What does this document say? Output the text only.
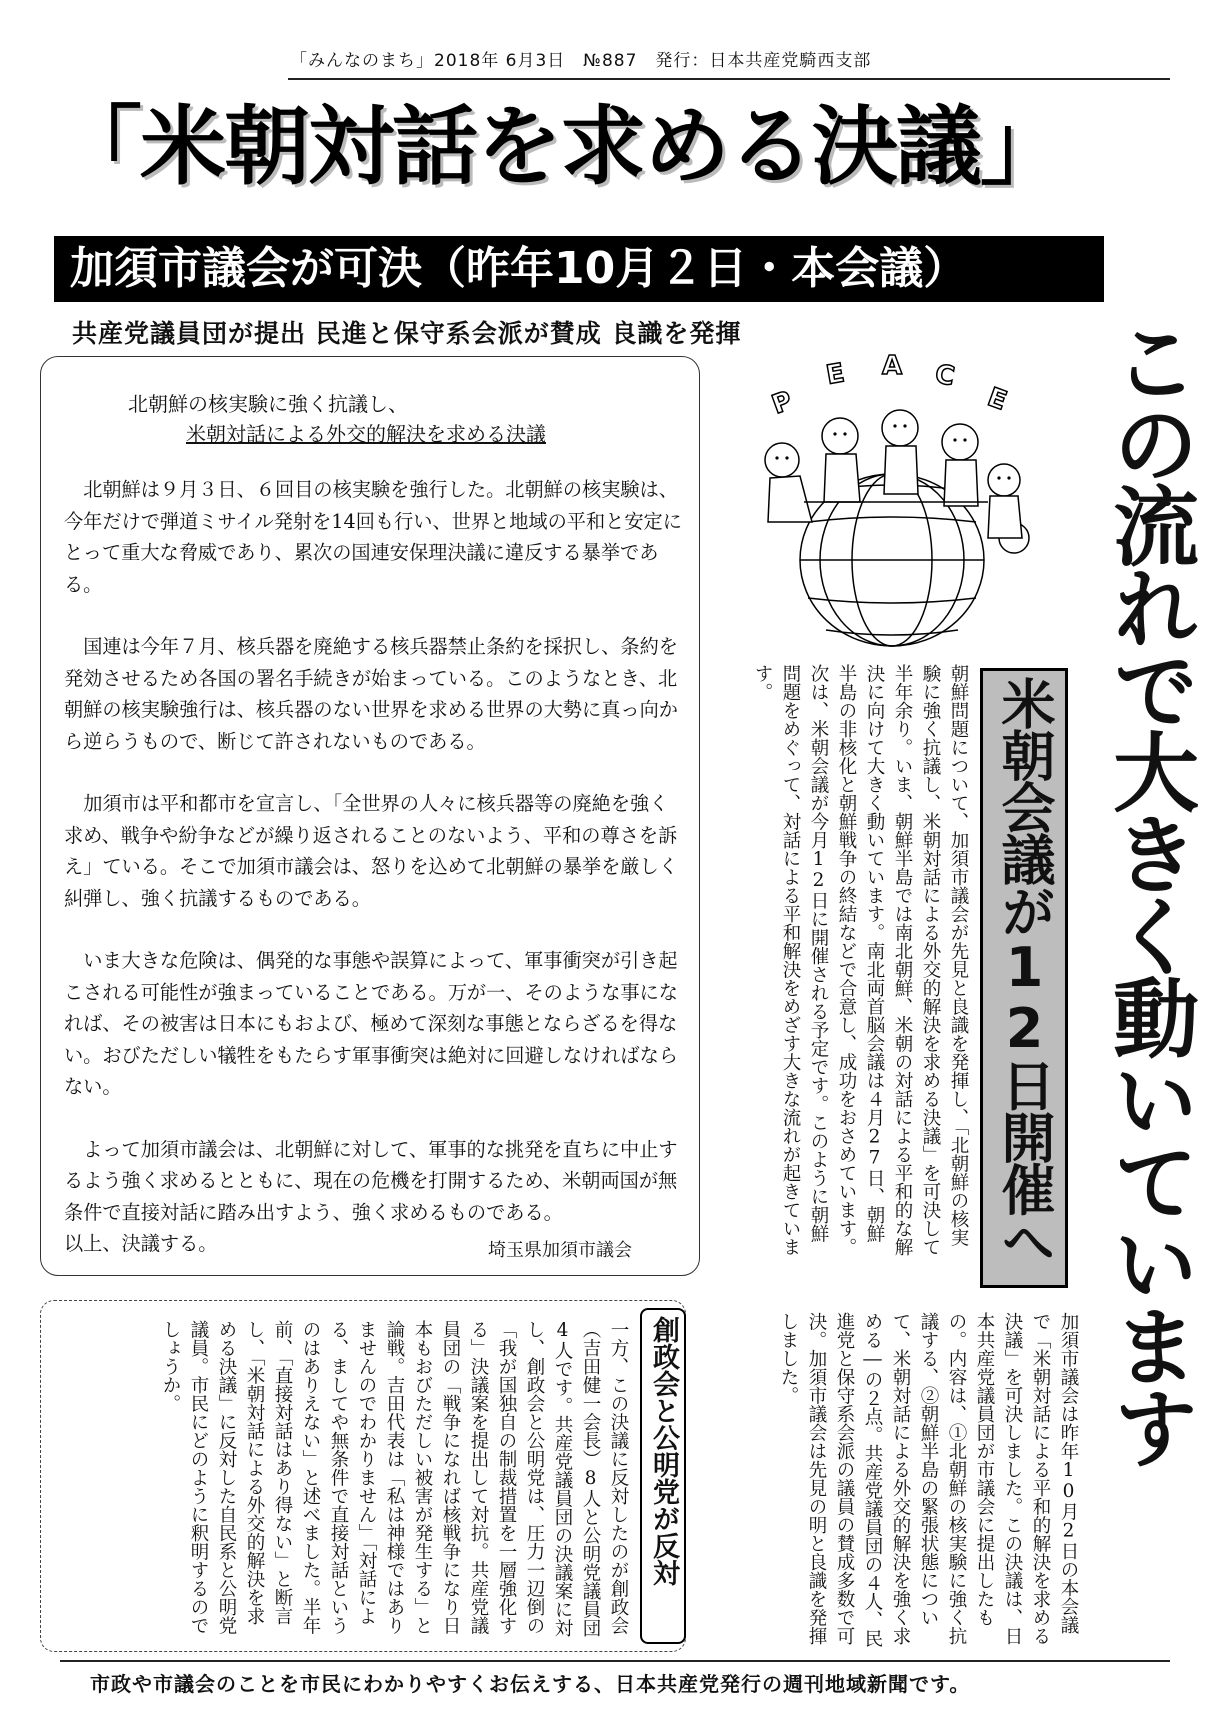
「みんなのまち」2018年 6月3日　№887　発行：日本共産党騎西支部
「米朝対話を求める決議」
加須市議会が可決（昨年10月２日・本会議）
共産党議員団が提出 民進と保守系会派が賛成 良識を発揮
北朝鮮の核実験に強く抗議し、
米朝対話による外交的解決を求める決議

北朝鮮は９月３日、６回目の核実験を強行した。北朝鮮の核実験は、今年だけで弾道ミサイル発射を14回も行い、世界と地域の平和と安定にとって重大な脅威であり、累次の国連安保理決議に違反する暴挙である。

国連は今年７月、核兵器を廃絶する核兵器禁止条約を採択し、条約を発効させるため各国の署名手続きが始まっている。このようなとき、北朝鮮の核実験強行は、核兵器のない世界を求める世界の大勢に真っ向から逆らうもので、断じて許されないものである。

加須市は平和都市を宣言し、「全世界の人々に核兵器等の廃絶を強く求め、戦争や紛争などが繰り返されることのないよう、平和の尊さを訴え」ている。そこで加須市議会は、怒りを込めて北朝鮮の暴挙を厳しく糾弾し、強く抗議するものである。

いま大きな危険は、偶発的な事態や誤算によって、軍事衝突が引き起こされる可能性が強まっていることである。万が一、そのような事になれば、その被害は日本にもおよび、極めて深刻な事態とならざるを得ない。おびただしい犠牲をもたらす軍事衝突は絶対に回避しなければならない。

よって加須市議会は、北朝鮮に対して、軍事的な挑発を直ちに中止するよう強く求めるとともに、現在の危機を打開するため、米朝両国が無条件で直接対話に踏み出すよう、強く求めるものである。
以上、決議する。	埼玉県加須市議会
P
E A C
E この流れで大きく動いています
米朝会議が12日開催へ
朝鮮問題について、加須市議会が先見と良識を発揮し、「北朝鮮の核実験に強く抗議し、米朝対話による外交的解決を求める決議」を可決して半年余り。いま、朝鮮半島では南北朝鮮、米朝の対話による平和的な解決に向けて大きく動いています。南北両首脳会議は４月27日、朝鮮半島の非核化と朝鮮戦争の終結などで合意し、成功をおさめています。次は、米朝会議が今月12日に開催される予定です。このように朝鮮問題をめぐって、対話による平和解決をめざす大きな流れが起きています。
加須市議会は昨年10月2日の本会議で「米朝対話による平和的解決を求める決議」を可決しました。この決議は、日本共産党議員団が市議会に提出したもの。内容は、①北朝鮮の核実験に強く抗議する、②朝鮮半島の緊張状態について、米朝対話による外交的解決を強く求める―の２点。共産党議員団の４人、民進党と保守系会派の議員の賛成多数で可決。加須市議会は先見の明と良識を発揮しました。
創政会と公明党が反対
一方、この決議に反対したのが創政会（吉田健一会長）8人と公明党議員団4人です。共産党議員団の決議案に対し、創政会と公明党は、圧力一辺倒の「我が国独自の制裁措置を一層強化する」決議案を提出して対抗。共産党議員団の「戦争になれば核戦争になり日本もおびただしい被害が発生する」と論戦。吉田代表は「私は神様ではありませんのでわかりません」「対話による、ましてや無条件で直接対話というのはありえない」と述べました。半年前、「直接対話はあり得ない」と断言し、「米朝対話による外交的解決を求める決議」に反対した自民系と公明党議員。市民にどのように釈明するのでしょうか。
市政や市議会のことを市民にわかりやすくお伝えする、日本共産党発行の週刊地域新聞です。
